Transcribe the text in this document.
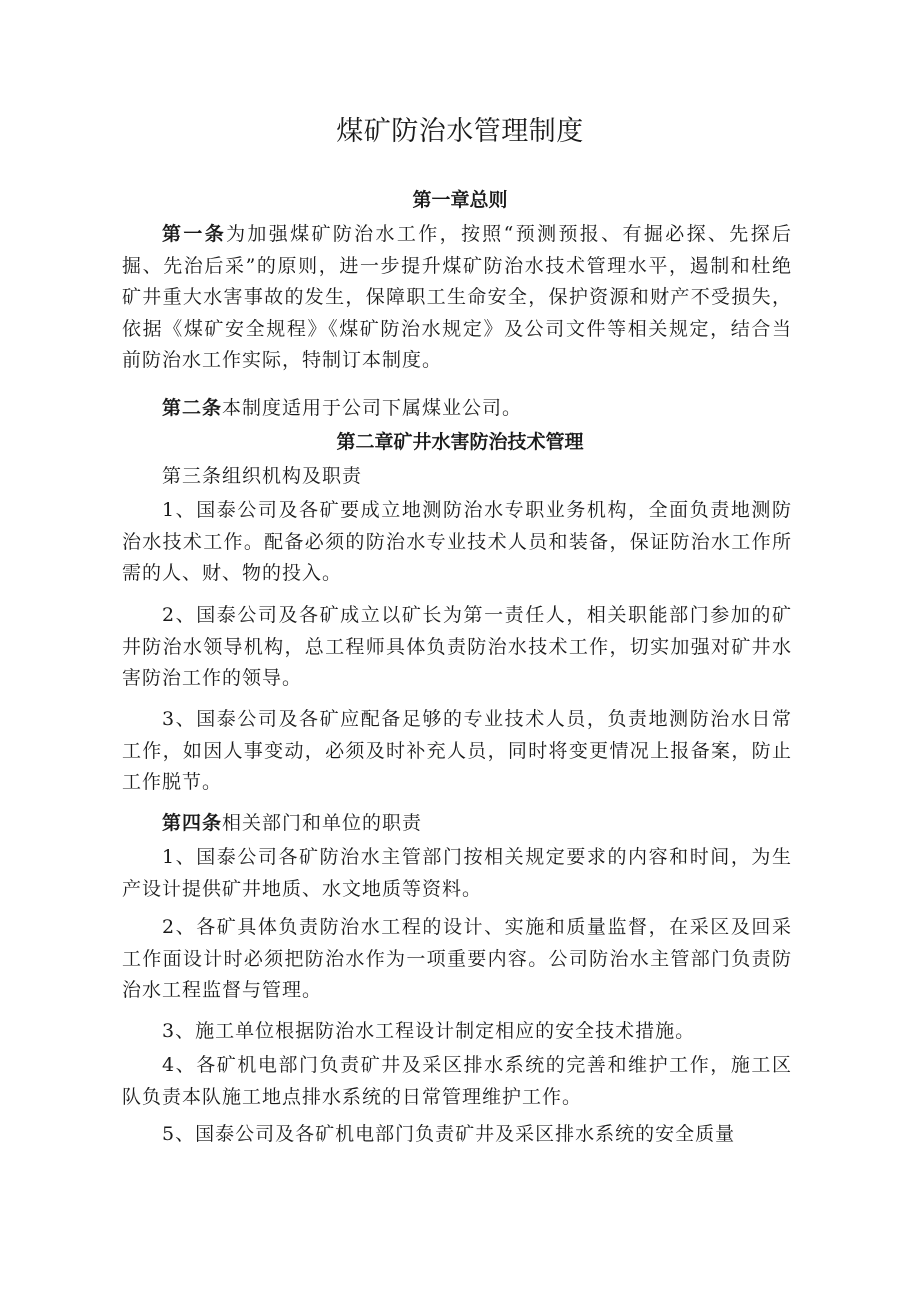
煤矿防治水管理制度
第一章总则

第一条为加强煤矿防治水工作，按照“预测预报、有掘必探、先探后掘、先治后采”的原则，进一步提升煤矿防治水技术管理水平，遏制和杜绝矿井重大水害事故的发生，保障职工生命安全，保护资源和财产不受损失，依据《煤矿安全规程》《煤矿防治水规定》及公司文件等相关规定，结合当前防治水工作实际，特制订本制度。

第二条本制度适用于公司下属煤业公司。

第二章矿井水害防治技术管理

第三条组织机构及职责

1、国泰公司及各矿要成立地测防治水专职业务机构，全面负责地测防治水技术工作。配备必须的防治水专业技术人员和装备，保证防治水工作所需的人、财、物的投入。

2、国泰公司及各矿成立以矿长为第一责任人，相关职能部门参加的矿井防治水领导机构，总工程师具体负责防治水技术工作，切实加强对矿井水害防治工作的领导。

3、国泰公司及各矿应配备足够的专业技术人员，负责地测防治水日常工作，如因人事变动，必须及时补充人员，同时将变更情况上报备案，防止工作脱节。

第四条相关部门和单位的职责

1、国泰公司各矿防治水主管部门按相关规定要求的内容和时间，为生产设计提供矿井地质、水文地质等资料。

2、各矿具体负责防治水工程的设计、实施和质量监督，在采区及回采工作面设计时必须把防治水作为一项重要内容。公司防治水主管部门负责防治水工程监督与管理。

3、施工单位根据防治水工程设计制定相应的安全技术措施。

4、各矿机电部门负责矿井及采区排水系统的完善和维护工作，施工区队负责本队施工地点排水系统的日常管理维护工作。

5、国泰公司及各矿机电部门负责矿井及采区排水系统的安全质量
